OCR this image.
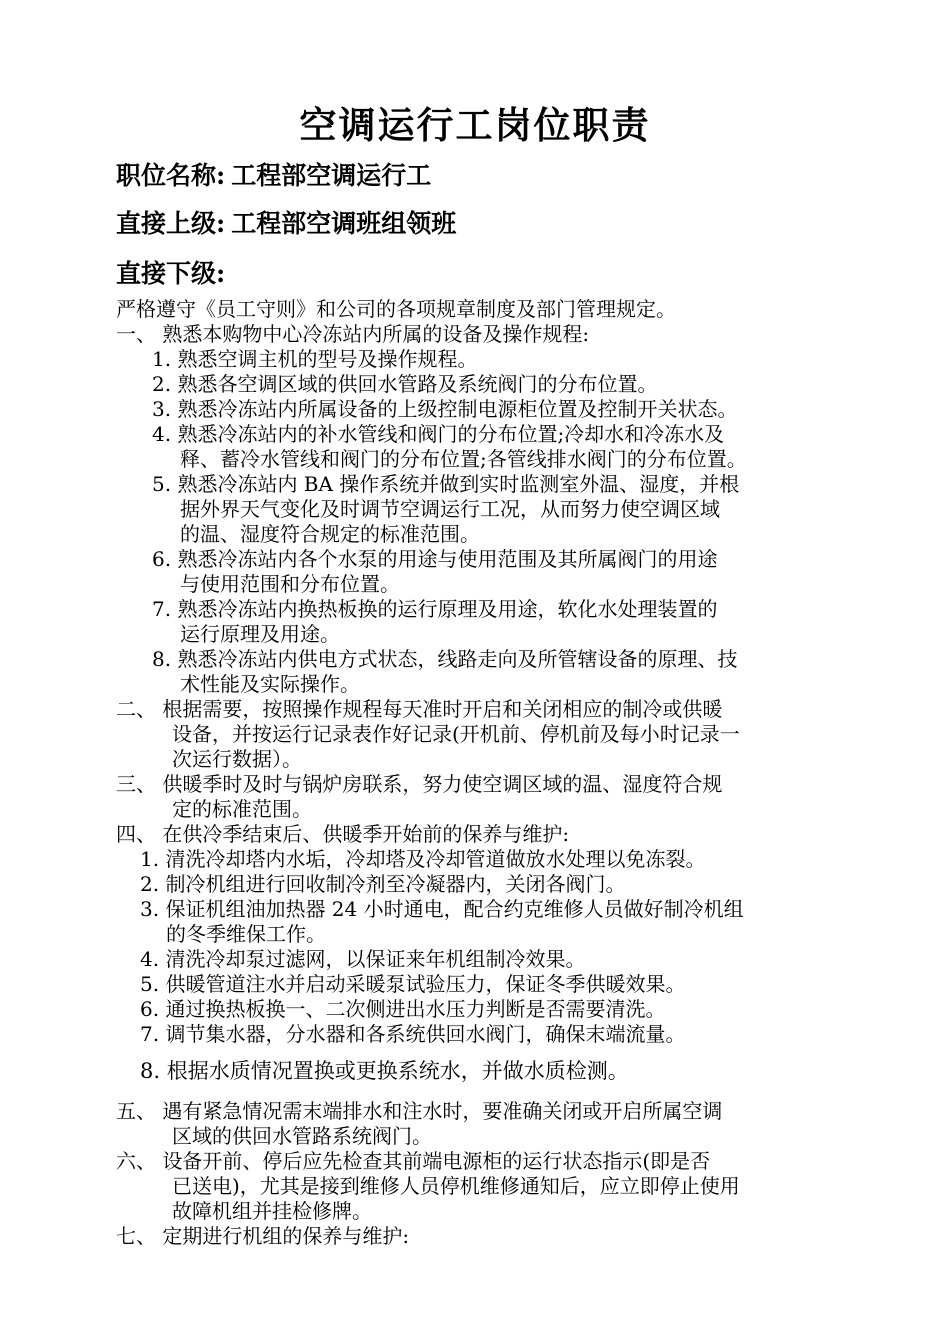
空调运行工岗位职责
职位名称: 工程部空调运行工
直接上级: 工程部空调班组领班
直接下级:
严格遵守《员工守则》和公司的各项规章制度及部门管理规定。
一、 熟悉本购物中心冷冻站内所属的设备及操作规程:
1. 熟悉空调主机的型号及操作规程。
2. 熟悉各空调区域的供回水管路及系统阀门的分布位置。
3. 熟悉冷冻站内所属设备的上级控制电源柜位置及控制开关状态。
4. 熟悉冷冻站内的补水管线和阀门的分布位置;冷却水和冷冻水及
释、蓄冷水管线和阀门的分布位置;各管线排水阀门的分布位置。
5. 熟悉冷冻站内 BA 操作系统并做到实时监测室外温、湿度，并根
据外界天气变化及时调节空调运行工况，从而努力使空调区域
的温、湿度符合规定的标准范围。
6. 熟悉冷冻站内各个水泵的用途与使用范围及其所属阀门的用途
与使用范围和分布位置。
7. 熟悉冷冻站内换热板换的运行原理及用途，软化水处理装置的
运行原理及用途。
8. 熟悉冷冻站内供电方式状态，线路走向及所管辖设备的原理、技
术性能及实际操作。
二、 根据需要，按照操作规程每天准时开启和关闭相应的制冷或供暖
设备，并按运行记录表作好记录(开机前、停机前及每小时记录一
次运行数据）。
三、 供暖季时及时与锅炉房联系，努力使空调区域的温、湿度符合规
定的标准范围。
四、 在供冷季结束后、供暖季开始前的保养与维护:
1. 清洗冷却塔内水垢，冷却塔及冷却管道做放水处理以免冻裂。
2. 制冷机组进行回收制冷剂至冷凝器内，关闭各阀门。
3. 保证机组油加热器 24 小时通电，配合约克维修人员做好制冷机组
的冬季维保工作。
4. 清洗冷却泵过滤网，以保证来年机组制冷效果。
5. 供暖管道注水并启动采暖泵试验压力，保证冬季供暖效果。
6. 通过换热板换一、二次侧进出水压力判断是否需要清洗。
7. 调节集水器，分水器和各系统供回水阀门，确保末端流量。
8. 根据水质情况置换或更换系统水，并做水质检测。
五、 遇有紧急情况需末端排水和注水时，要准确关闭或开启所属空调
区域的供回水管路系统阀门。
六、 设备开前、停后应先检查其前端电源柜的运行状态指示(即是否
已送电)，尤其是接到维修人员停机维修通知后，应立即停止使用
故障机组并挂检修牌。
七、 定期进行机组的保养与维护:
